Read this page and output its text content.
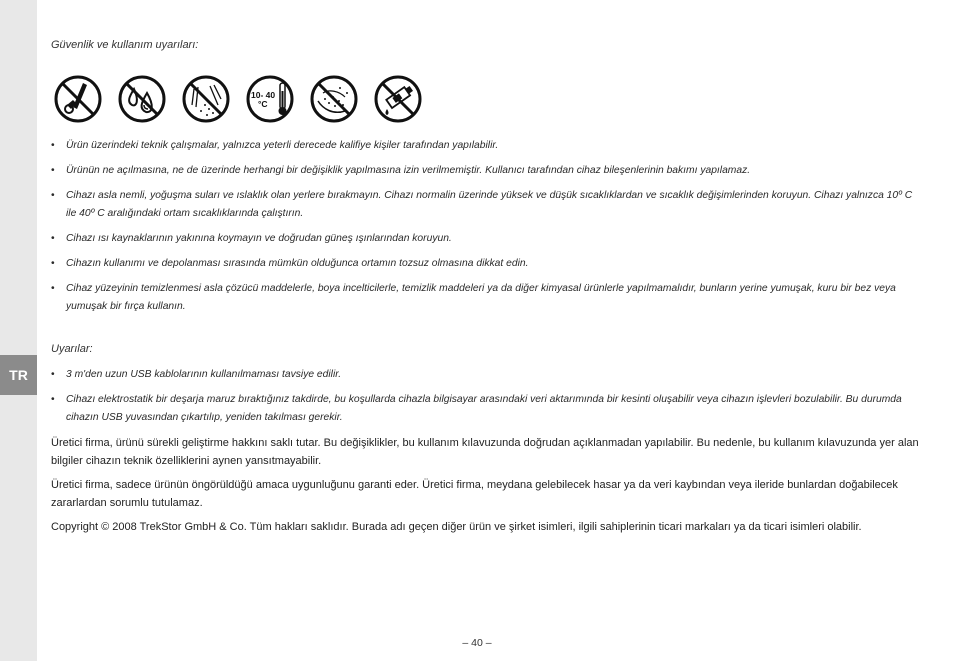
TR

Güvenlik ve kullanım uyarıları:

10- 40
°C
• Ürün üzerindeki teknik çalışmalar, yalnızca yeterli derecede kalifiye kişiler tarafından yapılabilir.
• Ürünün ne açılmasına, ne de üzerinde herhangi bir değişiklik yapılmasına izin verilmemiştir. Kullanıcı tarafından cihaz bileşenlerinin bakımı yapılamaz.
• Cihazı asla nemli, yoğuşma suları ve ıslaklık olan yerlere bırakmayın. Cihazı normalin üzerinde yüksek ve düşük sıcaklıklardan ve sıcaklık değişimlerinden koruyun. Cihazı yalnızca 10º C ile 40º C aralığındaki ortam sıcaklıklarında çalıştırın.
• Cihazı ısı kaynaklarının yakınına koymayın ve doğrudan güneş ışınlarından koruyun.
• Cihazın kullanımı ve depolanması sırasında mümkün olduğunca ortamın tozsuz olmasına dikkat edin.
• Cihaz yüzeyinin temizlenmesi asla çözücü maddelerle, boya incelticilerle, temizlik maddeleri ya da diğer kimyasal ürünlerle yapılmamalıdır, bunların yerine yumuşak, kuru bir bez veya yumuşak bir fırça kullanın.

Uyarılar:

• 3 m'den uzun USB kablolarının kullanılmaması tavsiye edilir.
• Cihazı elektrostatik bir deşarja maruz bıraktığınız takdirde, bu koşullarda cihazla bilgisayar arasındaki veri aktarımında bir kesinti oluşabilir veya cihazın işlevleri bozulabilir. Bu durumda cihazın USB yuvasından çıkartılıp, yeniden takılması gerekir.

Üretici firma, ürünü sürekli geliştirme hakkını saklı tutar. Bu değişiklikler, bu kullanım kılavuzunda doğrudan açıklanmadan yapılabilir. Bu nedenle, bu kullanım kılavuzunda yer alan bilgiler cihazın teknik özelliklerini aynen yansıtmayabilir.

Üretici firma, sadece ürünün öngörüldüğü amaca uygunluğunu garanti eder. Üretici firma, meydana gelebilecek hasar ya da veri kaybından veya ileride bunlardan doğabilecek zararlardan sorumlu tutulamaz.

Copyright © 2008 TrekStor GmbH & Co. Tüm hakları saklıdır. Burada adı geçen diğer ürün ve şirket isimleri, ilgili sahiplerinin ticari markaları ya da ticari isimleri olabilir.

– 40 –
